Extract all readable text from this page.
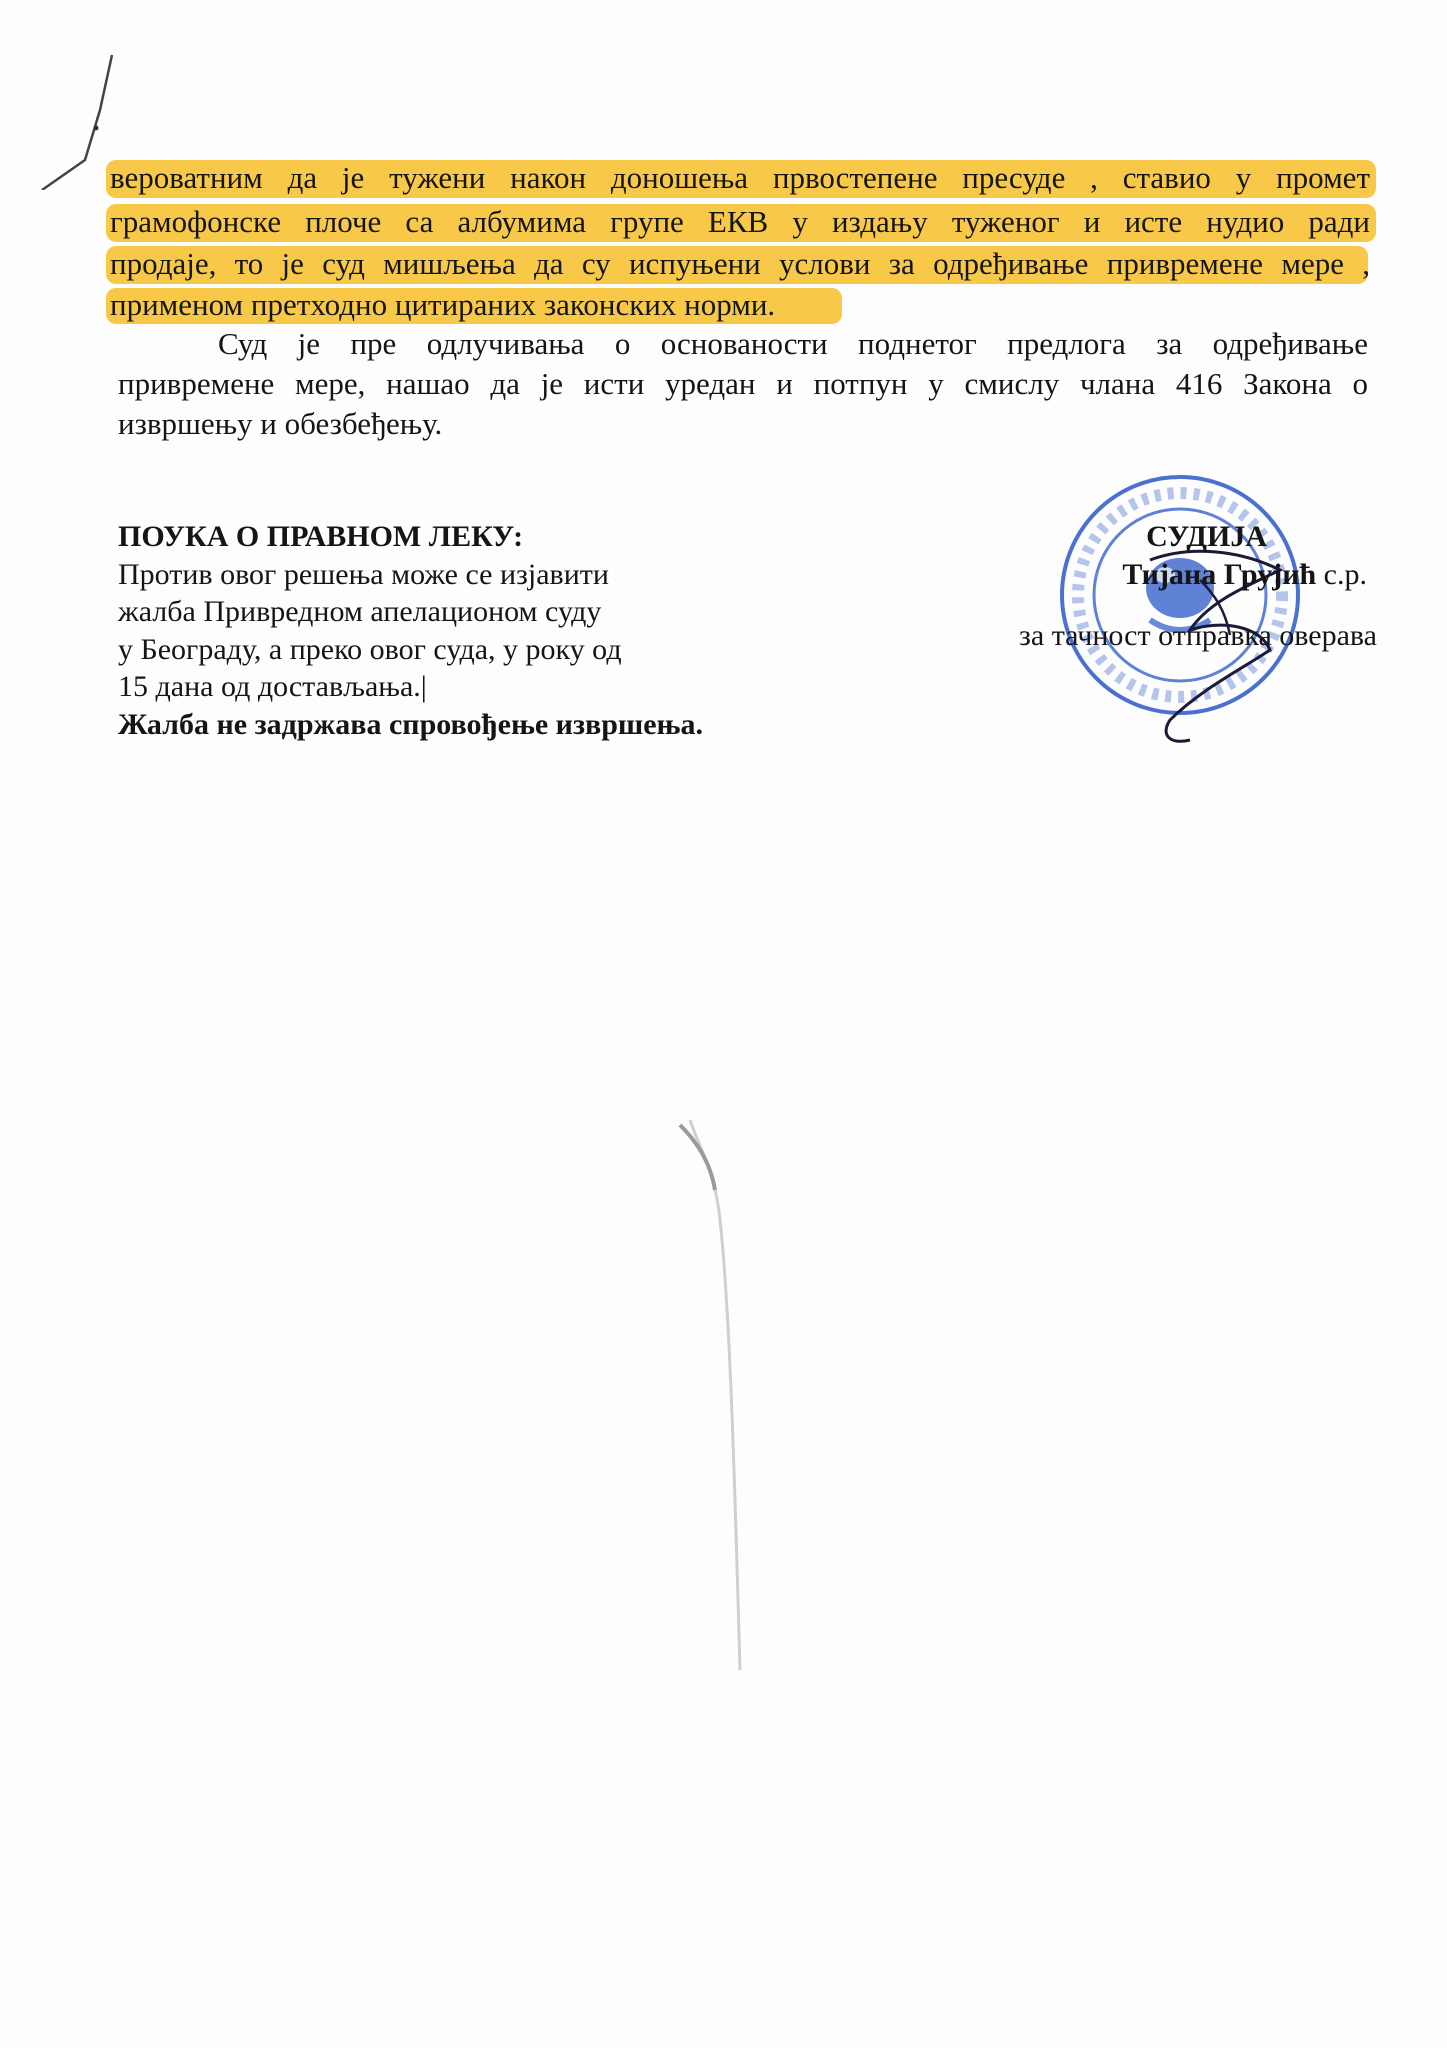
вероватним да је тужени након доношења првостепене пресуде , ставио у промет
грамофонске плоче са албумима групе ЕКВ у издању туженог и исте нудио ради
продаје, то је суд мишљења да су испуњени услови за одређивање привремене мере ,
применом претходно цитираних законских норми.
Суд је пре одлучивања о основаности поднетог предлога за одређивање
привремене мере, нашао да је исти уредан и потпун у смислу члана 416 Закона о
извршењу и обезбеђењу.
ПОУКА О ПРАВНОМ ЛЕКУ:
Против овог решења може се изјавити
жалба Привредном апелационом суду
у Београду, а преко овог суда, у року од
15 дана од достављања.|
Жалба не задржава спровођење извршења.
СУДИЈА
Тијана Грујић с.р.
за тачност отправка оверава
